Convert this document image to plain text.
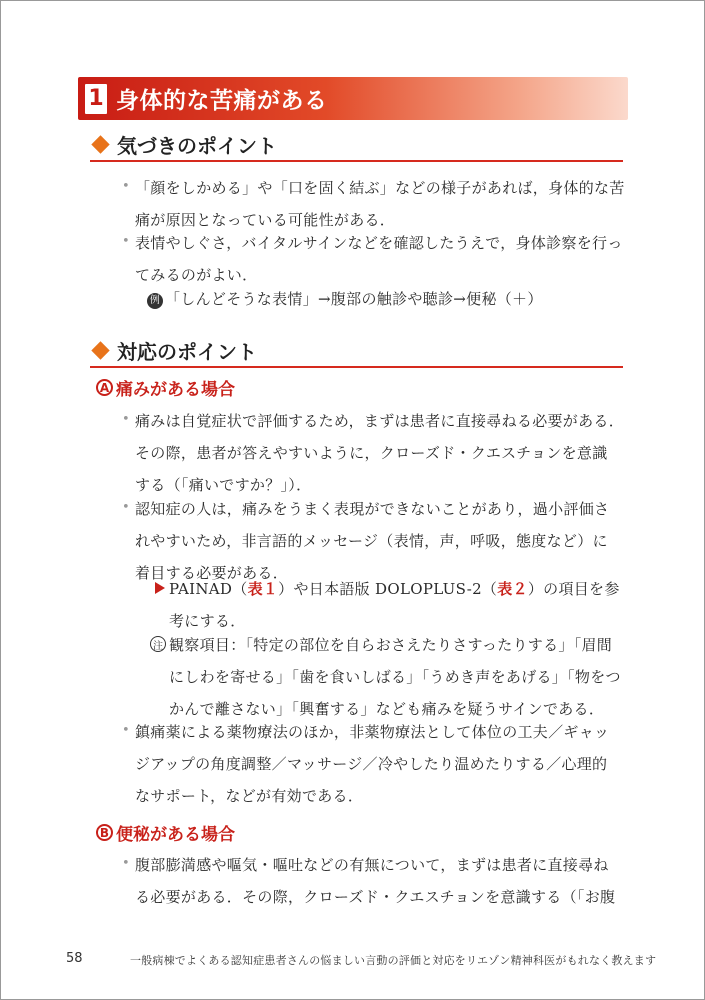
1 身体的な苦痛がある
気づきのポイント
• 「顔をしかめる」や「口を固く結ぶ」などの様子があれば，身体的な苦
痛が原因となっている可能性がある．
• 表情やしぐさ，バイタルサインなどを確認したうえで，身体診察を行っ
てみるのがよい．
例 「しんどそうな表情」→腹部の触診や聴診→便秘（＋）
対応のポイント
A 痛みがある場合
• 痛みは自覚症状で評価するため，まずは患者に直接尋ねる必要がある．
その際，患者が答えやすいように，クローズド・クエスチョンを意識
する（「痛いですか？」）．
• 認知症の人は，痛みをうまく表現ができないことがあり，過小評価さ
れやすいため，非言語的メッセージ（表情，声，呼吸，態度など）に
着目する必要がある．
PAINAD（表１）や日本語版 DOLOPLUS-2（表２）の項目を参
考にする．
注 観察項目：「特定の部位を自らおさえたりさすったりする」「眉間
にしわを寄せる」「歯を食いしばる」「うめき声をあげる」「物をつ
かんで離さない」「興奮する」なども痛みを疑うサインである．
• 鎮痛薬による薬物療法のほか，非薬物療法として体位の工夫／ギャッ
ジアップの角度調整／マッサージ／冷やしたり温めたりする／心理的
なサポート，などが有効である．
B 便秘がある場合
• 腹部膨満感や嘔気・嘔吐などの有無について，まずは患者に直接尋ね
る必要がある．その際，クローズド・クエスチョンを意識する（「お腹
58	一般病棟でよくある認知症患者さんの悩ましい言動の評価と対応をリエゾン精神科医がもれなく教えます
